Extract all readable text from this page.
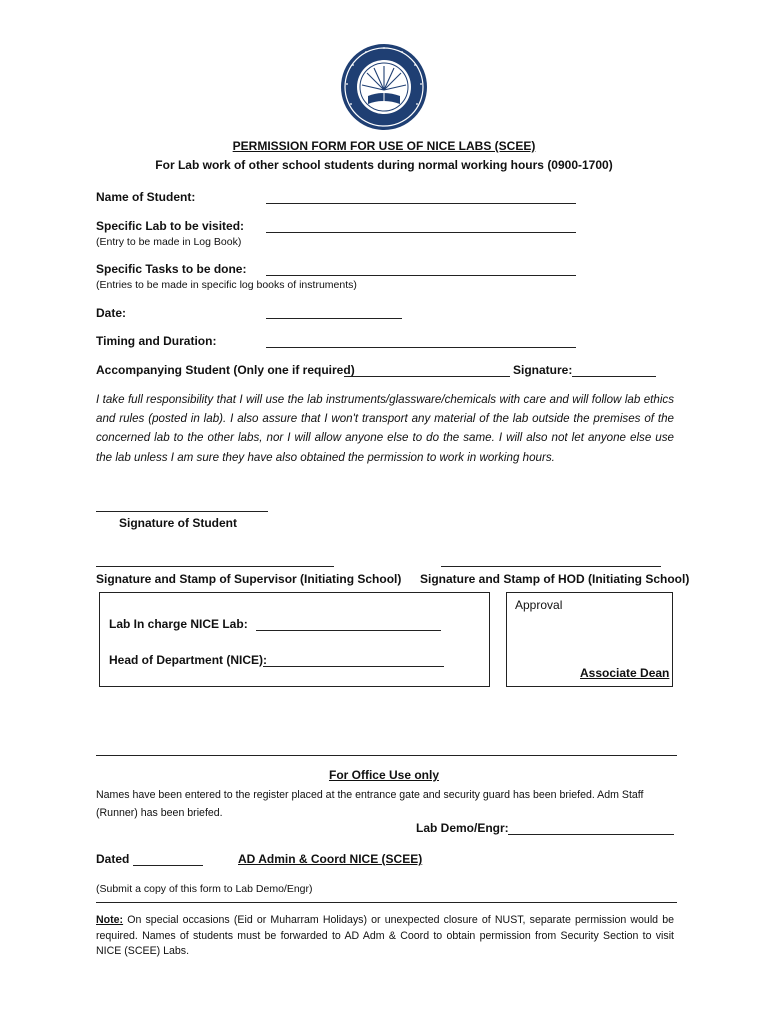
PERMISSION FORM FOR USE OF NICE LABS (SCEE)
For Lab work of other school students during normal working hours (0900-1700)
Name of Student:
Specific Lab to be visited:
(Entry to be made in Log Book)
Specific Tasks to be done:
(Entries to be made in specific log books of instruments)
Date:
Timing and Duration:
Accompanying Student (Only one if required)	Signature:
I take full responsibility that I will use the lab instruments/glassware/chemicals with care and will follow lab ethics and rules (posted in lab). I also assure that I won't transport any material of the lab outside the premises of the concerned lab to the other labs, nor I will allow anyone else to do the same. I will also not let anyone else use the lab unless I am sure they have also obtained the permission to work in working hours.
Signature of Student
Signature and Stamp of Supervisor (Initiating School) Signature and Stamp of HOD (Initiating School)
Lab In charge NICE Lab:
Head of Department (NICE):
Approval
Associate Dean
For Office Use only
Names have been entered to the register placed at the entrance gate and security guard has been briefed. Adm Staff (Runner) has been briefed.
Lab Demo/Engr:
Dated	AD Admin & Coord NICE (SCEE)
(Submit a copy of this form to Lab Demo/Engr)
Note: On special occasions (Eid or Muharram Holidays) or unexpected closure of NUST, separate permission would be required. Names of students must be forwarded to AD Adm & Coord to obtain permission from Security Section to visit NICE (SCEE) Labs.
